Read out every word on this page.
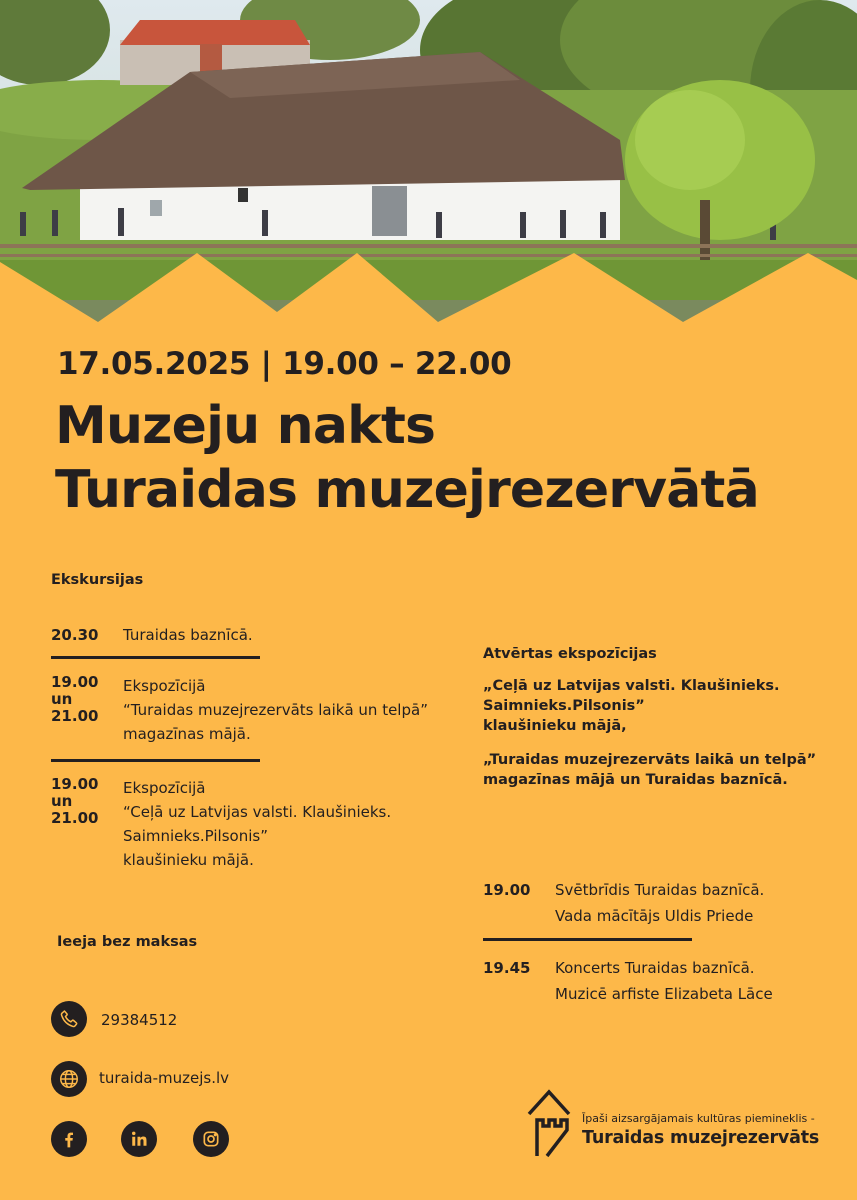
17.05.2025 | 19.00 – 22.00
Muzeju nakts
Turaidas muzejrezervātā
Ekskursijas
20.30	Turaidas baznīcā.
19.00
un
21.00
Ekspozīcijā
“Turaidas muzejrezervāts laikā un telpā”
magazīnas mājā.
19.00
un
21.00
Ekspozīcijā
“Ceļā uz Latvijas valsti. Klaušinieks.
Saimnieks.Pilsonis”
klaušinieku mājā.
Ieeja bez maksas
Atvērtas ekspozīcijas
„Ceļā uz Latvijas valsti. Klaušinieks.
Saimnieks.Pilsonis”
klaušinieku mājā,
„Turaidas muzejrezervāts laikā un telpā”
magazīnas mājā un Turaidas baznīcā.
19.00 Svētbrīdis Turaidas baznīcā.
Vada mācītājs Uldis Priede
19.45 Koncerts Turaidas baznīcā.
Muzicē arfiste Elizabeta Lāce
29384512
turaida-muzejs.lv
Īpaši aizsargājamais kultūras piemineklis -
Turaidas muzejrezervāts
